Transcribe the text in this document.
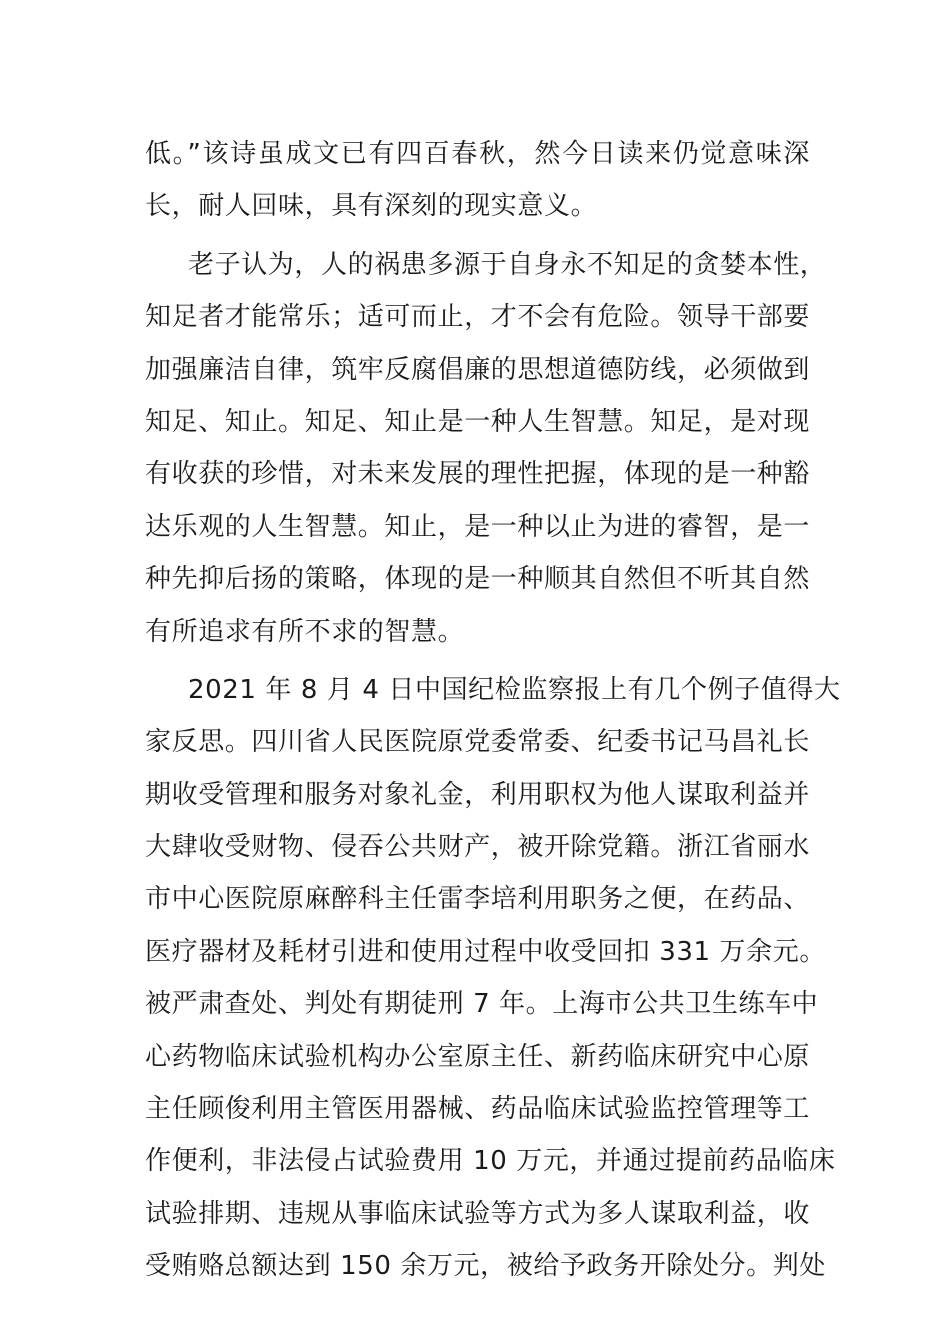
低。”该诗虽成文已有四百春秋，然今日读来仍觉意味深
长，耐人回味，具有深刻的现实意义。
老子认为，人的祸患多源于自身永不知足的贪婪本性，
知足者才能常乐；适可而止，才不会有危险。领导干部要
加强廉洁自律，筑牢反腐倡廉的思想道德防线，必须做到
知足、知止。知足、知止是一种人生智慧。知足，是对现
有收获的珍惜，对未来发展的理性把握，体现的是一种豁
达乐观的人生智慧。知止，是一种以止为进的睿智，是一
种先抑后扬的策略，体现的是一种顺其自然但不听其自然
有所追求有所不求的智慧。
2021 年 8 月 4 日中国纪检监察报上有几个例子值得大
家反思。四川省人民医院原党委常委、纪委书记马昌礼长
期收受管理和服务对象礼金，利用职权为他人谋取利益并
大肆收受财物、侵吞公共财产，被开除党籍。浙江省丽水
市中心医院原麻醉科主任雷李培利用职务之便，在药品、
医疗器材及耗材引进和使用过程中收受回扣 331 万余元。
被严肃查处、判处有期徒刑 7 年。上海市公共卫生练车中
心药物临床试验机构办公室原主任、新药临床研究中心原
主任顾俊利用主管医用器械、药品临床试验监控管理等工
作便利，非法侵占试验费用 10 万元，并通过提前药品临床
试验排期、违规从事临床试验等方式为多人谋取利益，收
受贿赂总额达到 150 余万元，被给予政务开除处分。判处
